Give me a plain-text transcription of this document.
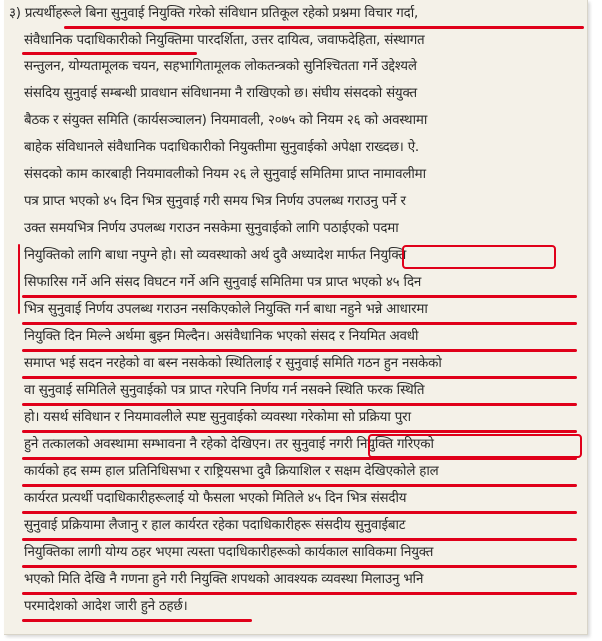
३) प्रत्यर्थीहरूले बिना सुनुवाई नियुक्ति गरेको संविधान प्रतिकूल रहेको प्रश्नमा विचार गर्दा,
संवैधानिक पदाधिकारीको नियुक्तिमा पारदर्शिता, उत्तर दायित्व, जवाफदेहिता, संस्थागत
सन्तुलन, योग्यतामूलक चयन, सहभागितामूलक लोकतन्त्रको सुनिश्चितता गर्ने उद्देश्यले
संसदिय सुनुवाई सम्बन्धी प्रावधान संविधानमा नै राखिएको छ। संघीय संसदको संयुक्त
बैठक र संयुक्त समिति (कार्यसञ्चालन) नियमावली, २०७५ को नियम २६ को अवस्थामा
बाहेक संविधानले संवैधानिक पदाधिकारीको नियुक्तीमा सुनुवाईको अपेक्षा राख्दछ। ऐ.
संसदको काम कारबाही नियमावलीको नियम २६ ले सुनुवाई समितिमा प्राप्त नामावलीमा
पत्र प्राप्त भएको ४५ दिन भित्र सुनुवाई गरी समय भित्र निर्णय उपलब्ध गराउनु पर्ने र
उक्त समयभित्र निर्णय उपलब्ध गराउन नसकेमा सुनुवाईको लागि पठाईएको पदमा
नियुक्तिको लागि बाधा नपुग्ने हो। सो व्यवस्थाको अर्थ दुवै अध्यादेश मार्फत नियुक्ति
सिफारिस गर्ने अनि संसद विघटन गर्ने अनि सुनुवाई समितिमा पत्र प्राप्त भएको ४५ दिन
भित्र सुनुवाई निर्णय उपलब्ध गराउन नसकिएकोले नियुक्ति गर्न बाधा नहुने भन्ने आधारमा
नियुक्ति दिन मिल्ने अर्थमा बुझ्न मिल्दैन। असंवैधानिक भएको संसद र नियमित अवधी
समाप्त भई सदन नरहेको वा बस्न नसकेको स्थितिलाई र सुनुवाई समिति गठन हुन नसकेको
वा सुनुवाई समितिले सुनुवाईको पत्र प्राप्त गरेपनि निर्णय गर्न नसक्ने स्थिति फरक स्थिति
हो। यसर्थ संविधान र नियमावलीले स्पष्ट सुनुवाईको व्यवस्था गरेकोमा सो प्रक्रिया पुरा
हुने तत्कालको अवस्थामा सम्भावना नै रहेको देखिएन। तर सुनुवाई नगरी नियुक्ति गरिएको
कार्यको हद सम्म हाल प्रतिनिधिसभा र राष्ट्रियसभा दुवै क्रियाशिल र सक्षम देखिएकोले हाल
कार्यरत प्रत्यर्थी पदाधिकारीहरूलाई यो फैसला भएको मितिले ४५ दिन भित्र संसदीय
सुनुवाई प्रक्रियामा लैजानु र हाल कार्यरत रहेका पदाधिकारीहरू संसदीय सुनुवाईबाट
नियुक्तिका लागी योग्य ठहर भएमा त्यस्ता पदाधिकारीहरूको कार्यकाल साविकमा नियुक्त
भएको मिति देखि नै गणना हुने गरी नियुक्ति शपथको आवश्यक व्यवस्था मिलाउनु भनि
परमादेशको आदेश जारी हुने ठहर्छ।
